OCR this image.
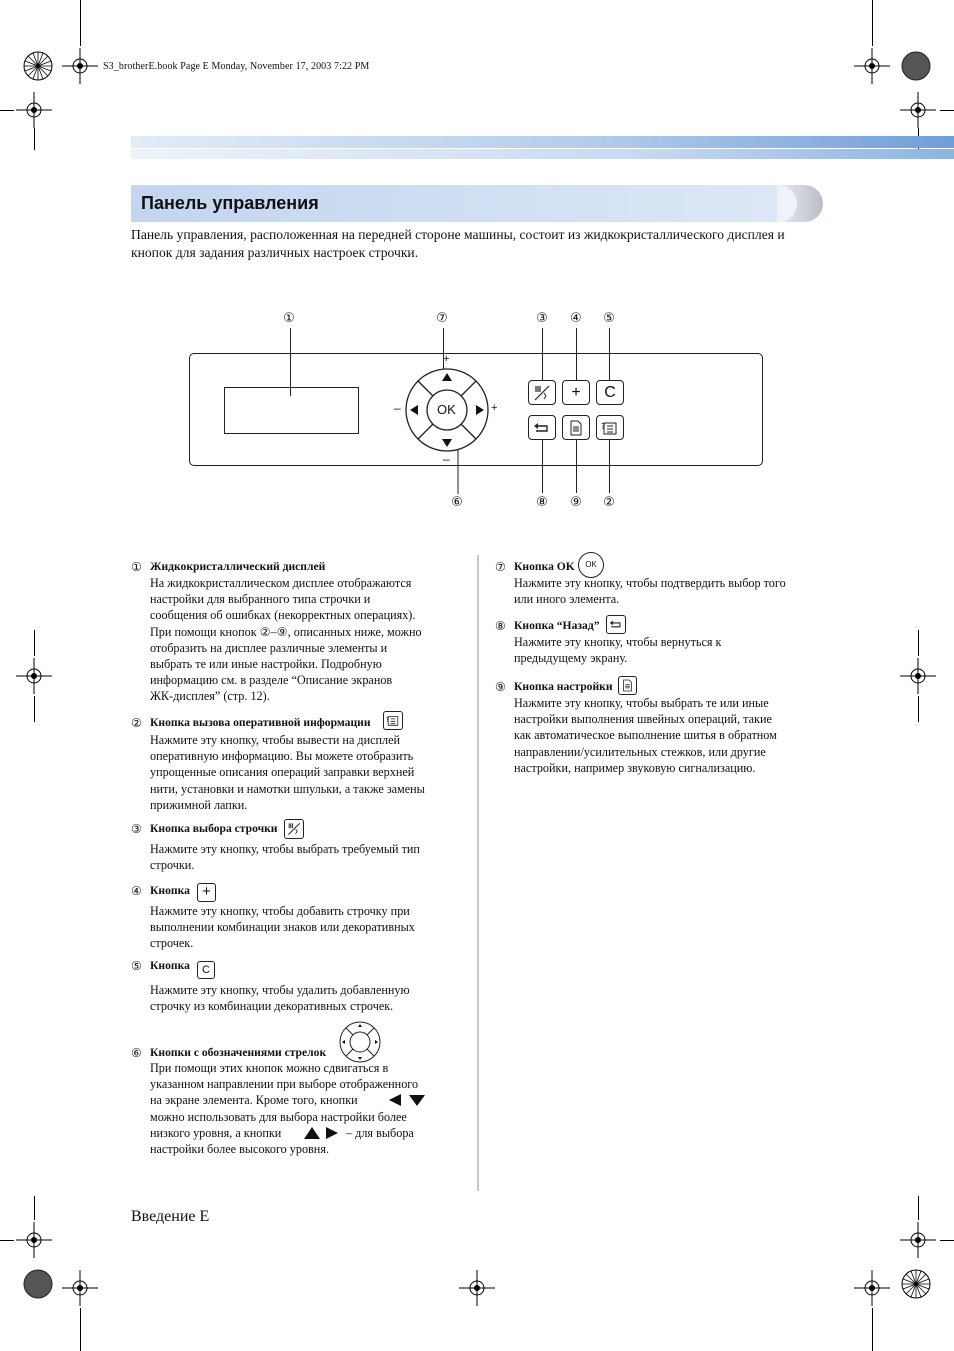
S3_brotherE.book Page E Monday, November 17, 2003 7:22 PM
Панель управления
Панель управления, расположенная на передней стороне машины, состоит из жидкокристаллического дисплея и кнопок для задания различных настроек строчки.
①	⑦	③ ④ ⑤
⑥	⑧ ⑨ ②
OK
+
+
–
–
+	C
?
① Жидкокристаллический дисплей
На жидкокристаллическом дисплее отображаются
настройки для выбранного типа строчки и
сообщения об ошибках (некорректных операциях).
При помощи кнопок ②–⑨, описанных ниже, можно
отобразить на дисплее различные элементы и
выбрать те или иные настройки. Подробную
информацию см. в разделе “Описание экранов
ЖК-дисплея” (стр. 12).
② Кнопка вызова оперативной информации ?
Нажмите эту кнопку, чтобы вывести на дисплей
оперативную информацию. Вы можете отобразить
упрощенные описания операций заправки верхней
нити, установки и намотки шпульки, а также замены
прижимной лапки.
③ Кнопка выбора строчки
Нажмите эту кнопку, чтобы выбрать требуемый тип
строчки.
④ Кнопка +
Нажмите эту кнопку, чтобы добавить строчку при
выполнении комбинации знаков или декоративных
строчек.
⑤ Кнопка	C
Нажмите эту кнопку, чтобы удалить добавленную
строчку из комбинации декоративных строчек.
⑥ Кнопки с обозначениями стрелок
При помощи этих кнопок можно сдвигаться в
указанном направлении при выборе отображенного
на экране элемента. Кроме того, кнопки
можно использовать для выбора настройки более
низкого уровня, а кнопки	– для выбора
настройки более высокого уровня.
⑦ Кнопка OK	OK
Нажмите эту кнопку, чтобы подтвердить выбор того
или иного элемента.
⑧ Кнопка “Назад”
Нажмите эту кнопку, чтобы вернуться к
предыдущему экрану.
⑨ Кнопка настройки
Нажмите эту кнопку, чтобы выбрать те или иные
настройки выполнения швейных операций, такие
как автоматическое выполнение шитья в обратном
направлении/усилительных стежков, или другие
настройки, например звуковую сигнализацию.
Введение E
